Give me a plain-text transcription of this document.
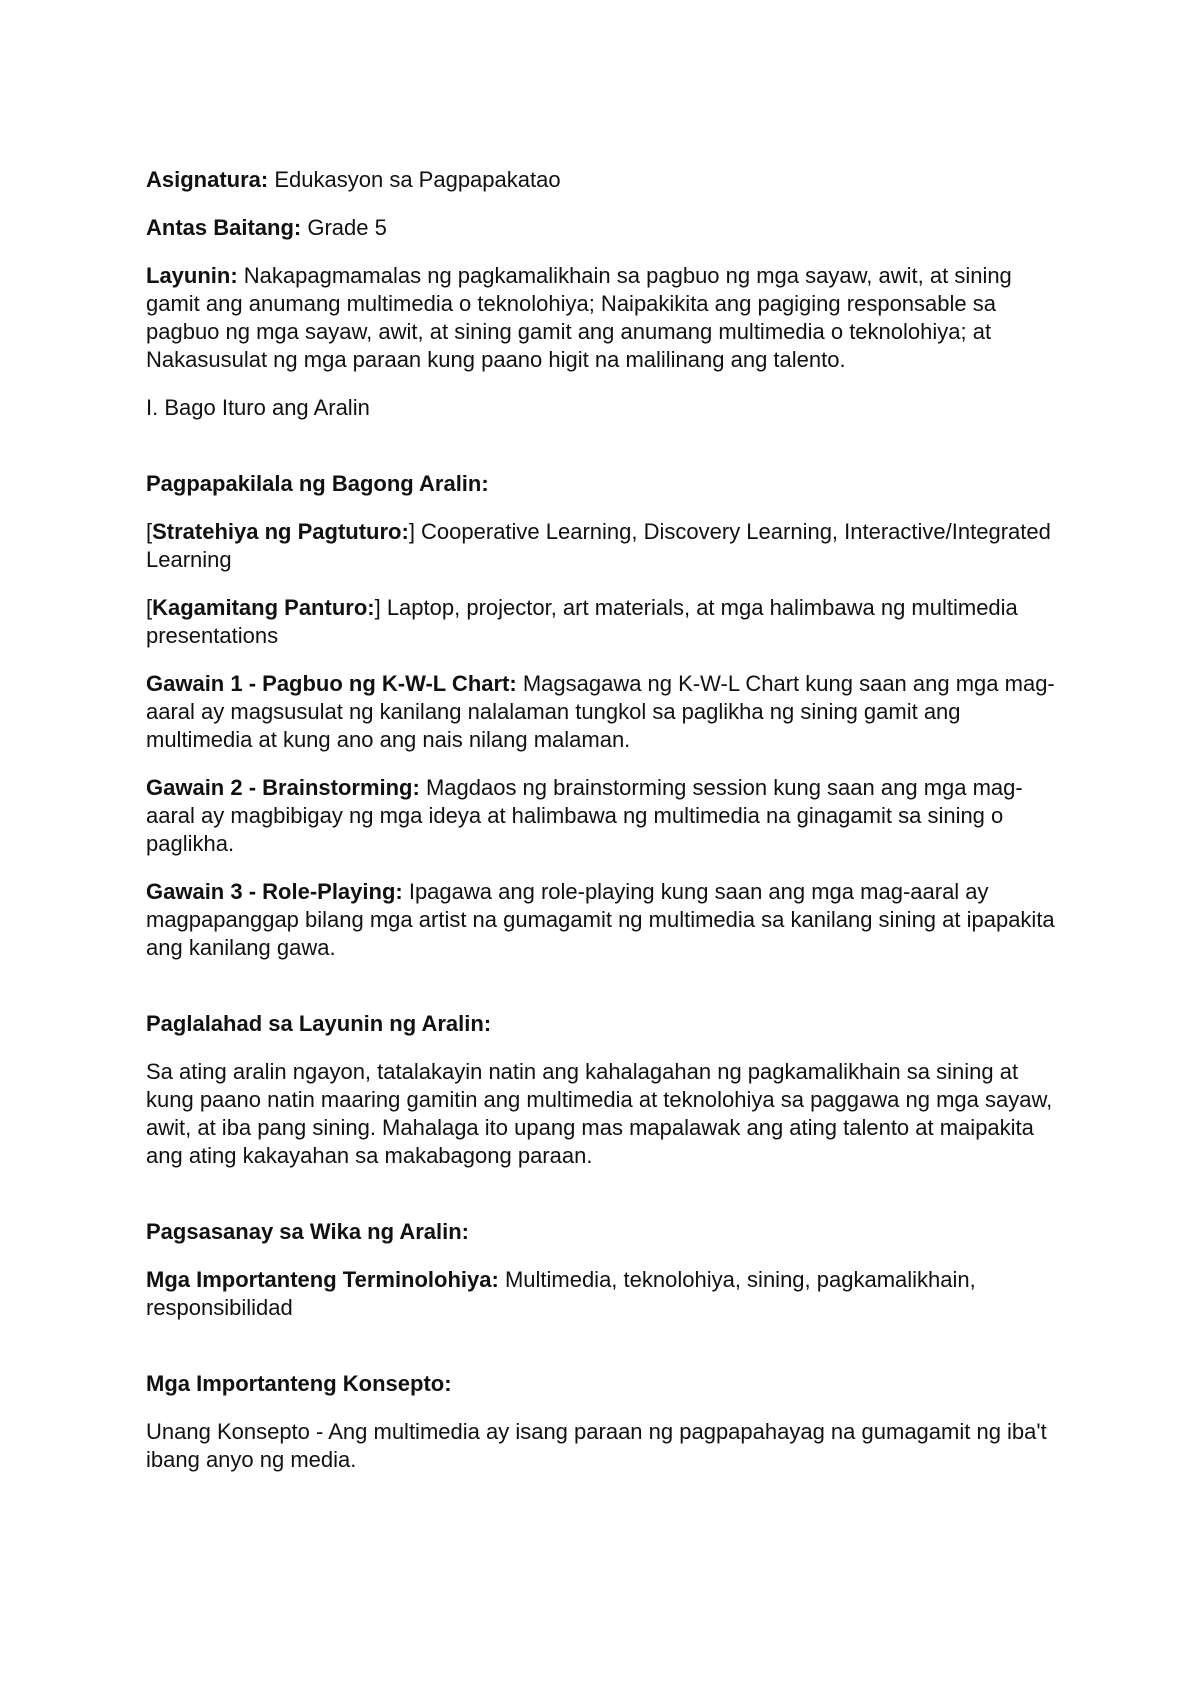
Asignatura: Edukasyon sa Pagpapakatao

Antas Baitang: Grade 5

Layunin: Nakapagmamalas ng pagkamalikhain sa pagbuo ng mga sayaw, awit, at sining gamit ang anumang multimedia o teknolohiya; Naipakikita ang pagiging responsable sa pagbuo ng mga sayaw, awit, at sining gamit ang anumang multimedia o teknolohiya; at Nakasusulat ng mga paraan kung paano higit na malilinang ang talento.

I. Bago Ituro ang Aralin

Pagpapakilala ng Bagong Aralin:

[Stratehiya ng Pagtuturo:] Cooperative Learning, Discovery Learning, Interactive/Integrated Learning

[Kagamitang Panturo:] Laptop, projector, art materials, at mga halimbawa ng multimedia presentations

Gawain 1 - Pagbuo ng K-W-L Chart: Magsagawa ng K-W-L Chart kung saan ang mga mag-aaral ay magsusulat ng kanilang nalalaman tungkol sa paglikha ng sining gamit ang multimedia at kung ano ang nais nilang malaman.

Gawain 2 - Brainstorming: Magdaos ng brainstorming session kung saan ang mga mag-aaral ay magbibigay ng mga ideya at halimbawa ng multimedia na ginagamit sa sining o paglikha.

Gawain 3 - Role-Playing: Ipagawa ang role-playing kung saan ang mga mag-aaral ay magpapanggap bilang mga artist na gumagamit ng multimedia sa kanilang sining at ipapakita ang kanilang gawa.

Paglalahad sa Layunin ng Aralin:

Sa ating aralin ngayon, tatalakayin natin ang kahalagahan ng pagkamalikhain sa sining at kung paano natin maaring gamitin ang multimedia at teknolohiya sa paggawa ng mga sayaw, awit, at iba pang sining. Mahalaga ito upang mas mapalawak ang ating talento at maipakita ang ating kakayahan sa makabagong paraan.

Pagsasanay sa Wika ng Aralin:

Mga Importanteng Terminolohiya: Multimedia, teknolohiya, sining, pagkamalikhain, responsibilidad

Mga Importanteng Konsepto:

Unang Konsepto - Ang multimedia ay isang paraan ng pagpapahayag na gumagamit ng iba't ibang anyo ng media.
